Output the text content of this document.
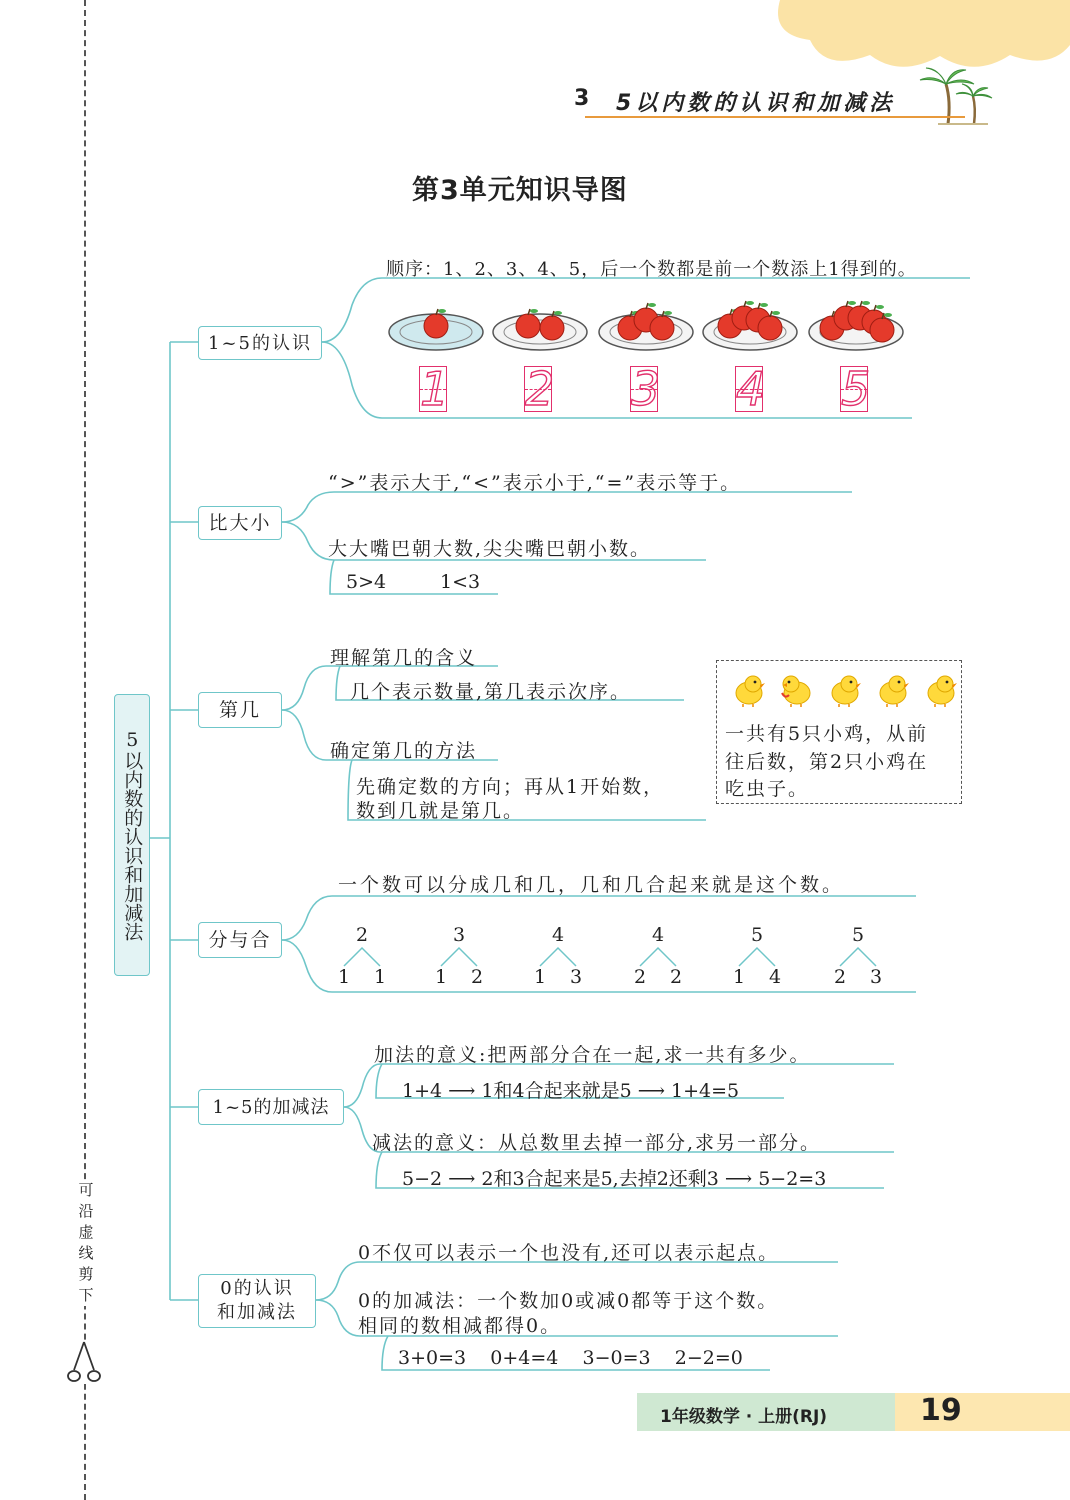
3 5以内数的认识和加减法
第3单元知识导图
可沿虚线剪下
5以内数的认识和加减法
1~5的认识
顺序：1、2、3、4、5，后一个数都是前一个数添上1得到的。
1 2 3 4 5
比大小
“>”表示大于,“<”表示小于,“=”表示等于。
大大嘴巴朝大数,尖尖嘴巴朝小数。
5>4	1<3
第几
理解第几的含义
几个表示数量,第几表示次序。
确定第几的方法
先确定数的方向；再从1开始数，
数到几就是第几。
一共有5只小鸡，从前
往后数，第2只小鸡在
吃虫子。
分与合
一个数可以分成几和几，几和几合起来就是这个数。
2
1 1
3
1 2
4
1 3
4
2 2
5
1 4
5
2 3
1~5的加减法
加法的意义:把两部分合在一起,求一共有多少。
1+4 ⟶ 1和4合起来就是5 ⟶ 1+4=5
减法的意义：从总数里去掉一部分,求另一部分。
5−2 ⟶ 2和3合起来是5,去掉2还剩3 ⟶ 5−2=3
0的认识
和加减法
0不仅可以表示一个也没有,还可以表示起点。
0的加减法：一个数加0或减0都等于这个数。
相同的数相减都得0。
3+0=3    0+4=4    3−0=3    2−2=0
1年级数学 · 上册(RJ)	19
